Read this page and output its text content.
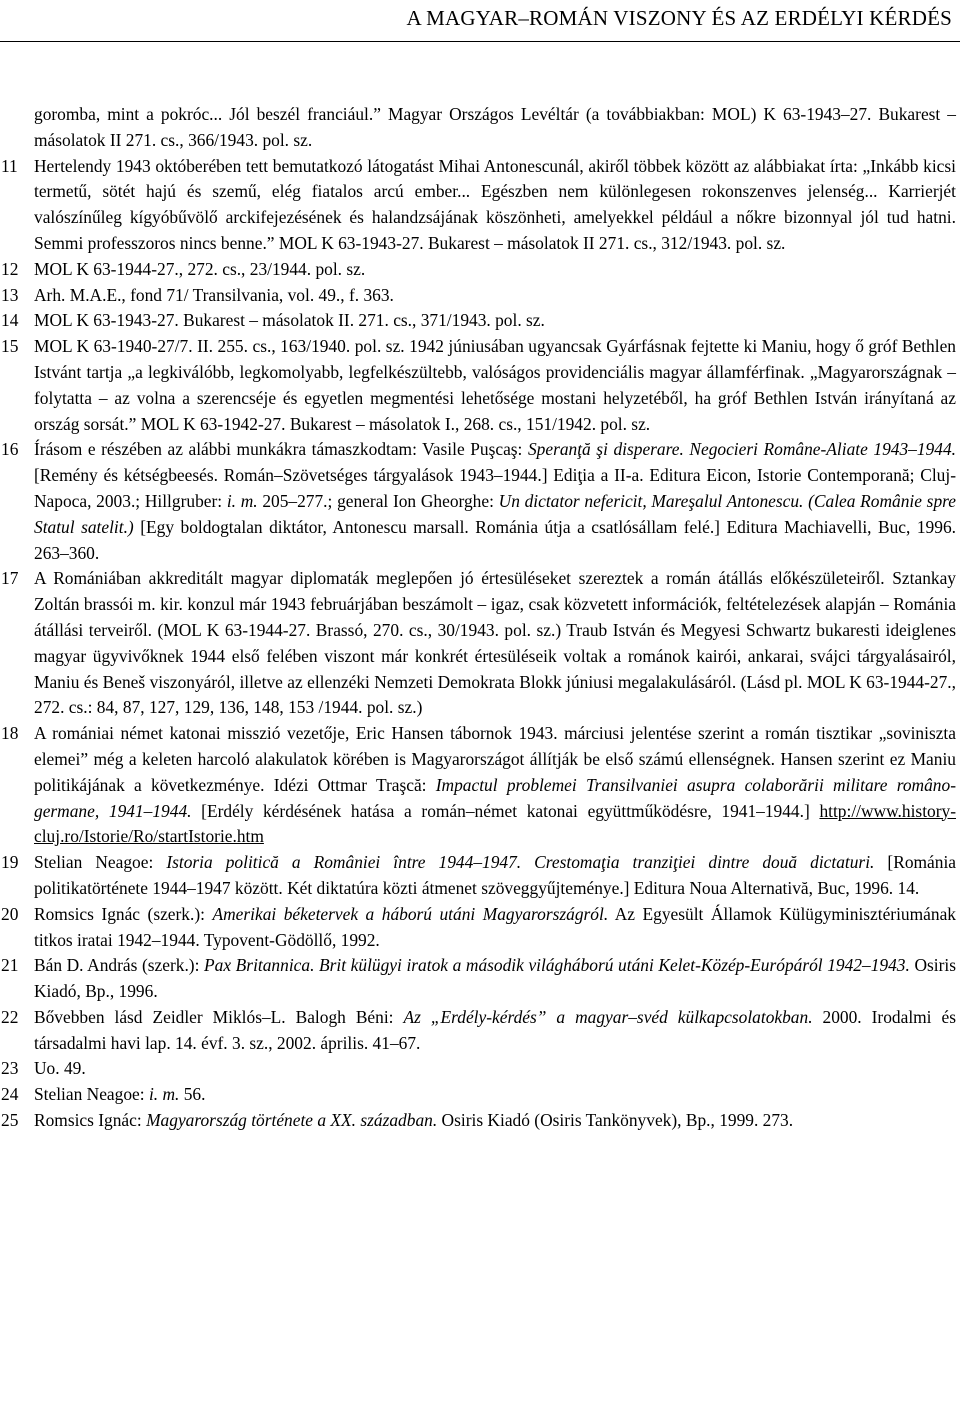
A MAGYAR–ROMÁN VISZONY ÉS AZ ERDÉLYI KÉRDÉS
goromba, mint a pokróc... Jól beszél franciául.” Magyar Országos Levéltár (a továbbiakban: MOL) K 63-1943–27. Bukarest – másolatok II 271. cs., 366/1943. pol. sz.
11 Hertelendy 1943 októberében tett bemutatkozó látogatást Mihai Antonescunál, akiről többek között az alábbiakat írta: „Inkább kicsi termetű, sötét hajú és szemű, elég fiatalos arcú ember... Egészben nem különlegesen rokonszenves jelenség... Karrierjét valószínűleg kígyóbűvölő arckifejezésének és halandzsájának köszönheti, amelyekkel például a nőkre bizonnyal jól tud hatni. Semmi professzoros nincs benne.” MOL K 63-1943-27. Bukarest – másolatok II 271. cs., 312/1943. pol. sz.
12 MOL K 63-1944-27., 272. cs., 23/1944. pol. sz.
13 Arh. M.A.E., fond 71/ Transilvania, vol. 49., f. 363.
14 MOL K 63-1943-27. Bukarest – másolatok II. 271. cs., 371/1943. pol. sz.
15 MOL K 63-1940-27/7. II. 255. cs., 163/1940. pol. sz. 1942 júniusában ugyancsak Gyárfásnak fejtette ki Maniu, hogy ő gróf Bethlen Istvánt tartja „a legkiválóbb, legkomolyabb, legfelkészültebb, valóságos providenciális magyar államférfinak. „Magyarországnak – folytatta – az volna a szerencséje és egyetlen megmentési lehetősége mostani helyzetéből, ha gróf Bethlen István irányítaná az ország sorsát.” MOL K 63-1942-27. Bukarest – másolatok I., 268. cs., 151/1942. pol. sz.
16 Írásom e részében az alábbi munkákra támaszkodtam: Vasile Puşcaş: Speranţă şi disperare. Negocieri Române-Aliate 1943–1944. [Remény és kétségbeesés. Román–Szövetséges tárgyalások 1943–1944.] Ediţia a II-a. Editura Eicon, Istorie Contemporană; Cluj-Napoca, 2003.; Hillgruber: i. m. 205–277.; general Ion Gheorghe: Un dictator nefericit, Mareşalul Antonescu. (Calea Românie spre Statul satelit.) [Egy boldogtalan diktátor, Antonescu marsall. Románia útja a csatlósállam felé.] Editura Machiavelli, Buc, 1996. 263–360.
17 A Romániában akkreditált magyar diplomaták meglepően jó értesüléseket szereztek a román átállás előkészületeiről. Sztankay Zoltán brassói m. kir. konzul már 1943 februárjában beszámolt – igaz, csak közvetett információk, feltételezések alapján – Románia átállási terveiről. (MOL K 63-1944-27. Brassó, 270. cs., 30/1943. pol. sz.) Traub István és Megyesi Schwartz bukaresti ideiglenes magyar ügyvivőknek 1944 első felében viszont már konkrét értesüléseik voltak a románok kairói, ankarai, svájci tárgyalásairól, Maniu és Beneš viszonyáról, illetve az ellenzéki Nemzeti Demokrata Blokk júniusi megalakulásáról. (Lásd pl. MOL K 63-1944-27., 272. cs.: 84, 87, 127, 129, 136, 148, 153 /1944. pol. sz.)
18 A romániai német katonai misszió vezetője, Eric Hansen tábornok 1943. márciusi jelentése szerint a román tisztikar „soviniszta elemei” még a keleten harcoló alakulatok körében is Magyarországot állítják be első számú ellenségnek. Hansen szerint ez Maniu politikájának a következménye. Idézi Ottmar Traşcă: Impactul problemei Transilvaniei asupra colaborării militare româno-germane, 1941–1944. [Erdély kérdésének hatása a román–német katonai együttműködésre, 1941–1944.] http://www.history-cluj.ro/Istorie/Ro/startIstorie.htm
19 Stelian Neagoe: Istoria politică a României între 1944–1947. Crestomaţia tranziţiei dintre două dictaturi. [Románia politikatörténete 1944–1947 között. Két diktatúra közti átmenet szöveggyűjteménye.] Editura Noua Alternativă, Buc, 1996. 14.
20 Romsics Ignác (szerk.): Amerikai béketervek a háború utáni Magyarországról. Az Egyesült Államok Külügyminisztériumának titkos iratai 1942–1944. Typovent-Gödöllő, 1992.
21 Bán D. András (szerk.): Pax Britannica. Brit külügyi iratok a második világháború utáni Kelet-Közép-Európáról 1942–1943. Osiris Kiadó, Bp., 1996.
22 Bővebben lásd Zeidler Miklós–L. Balogh Béni: Az „Erdély-kérdés” a magyar–svéd külkapcsolatokban. 2000. Irodalmi és társadalmi havi lap. 14. évf. 3. sz., 2002. április. 41–67.
23 Uo. 49.
24 Stelian Neagoe: i. m. 56.
25 Romsics Ignác: Magyarország története a XX. században. Osiris Kiadó (Osiris Tankönyvek), Bp., 1999. 273.
